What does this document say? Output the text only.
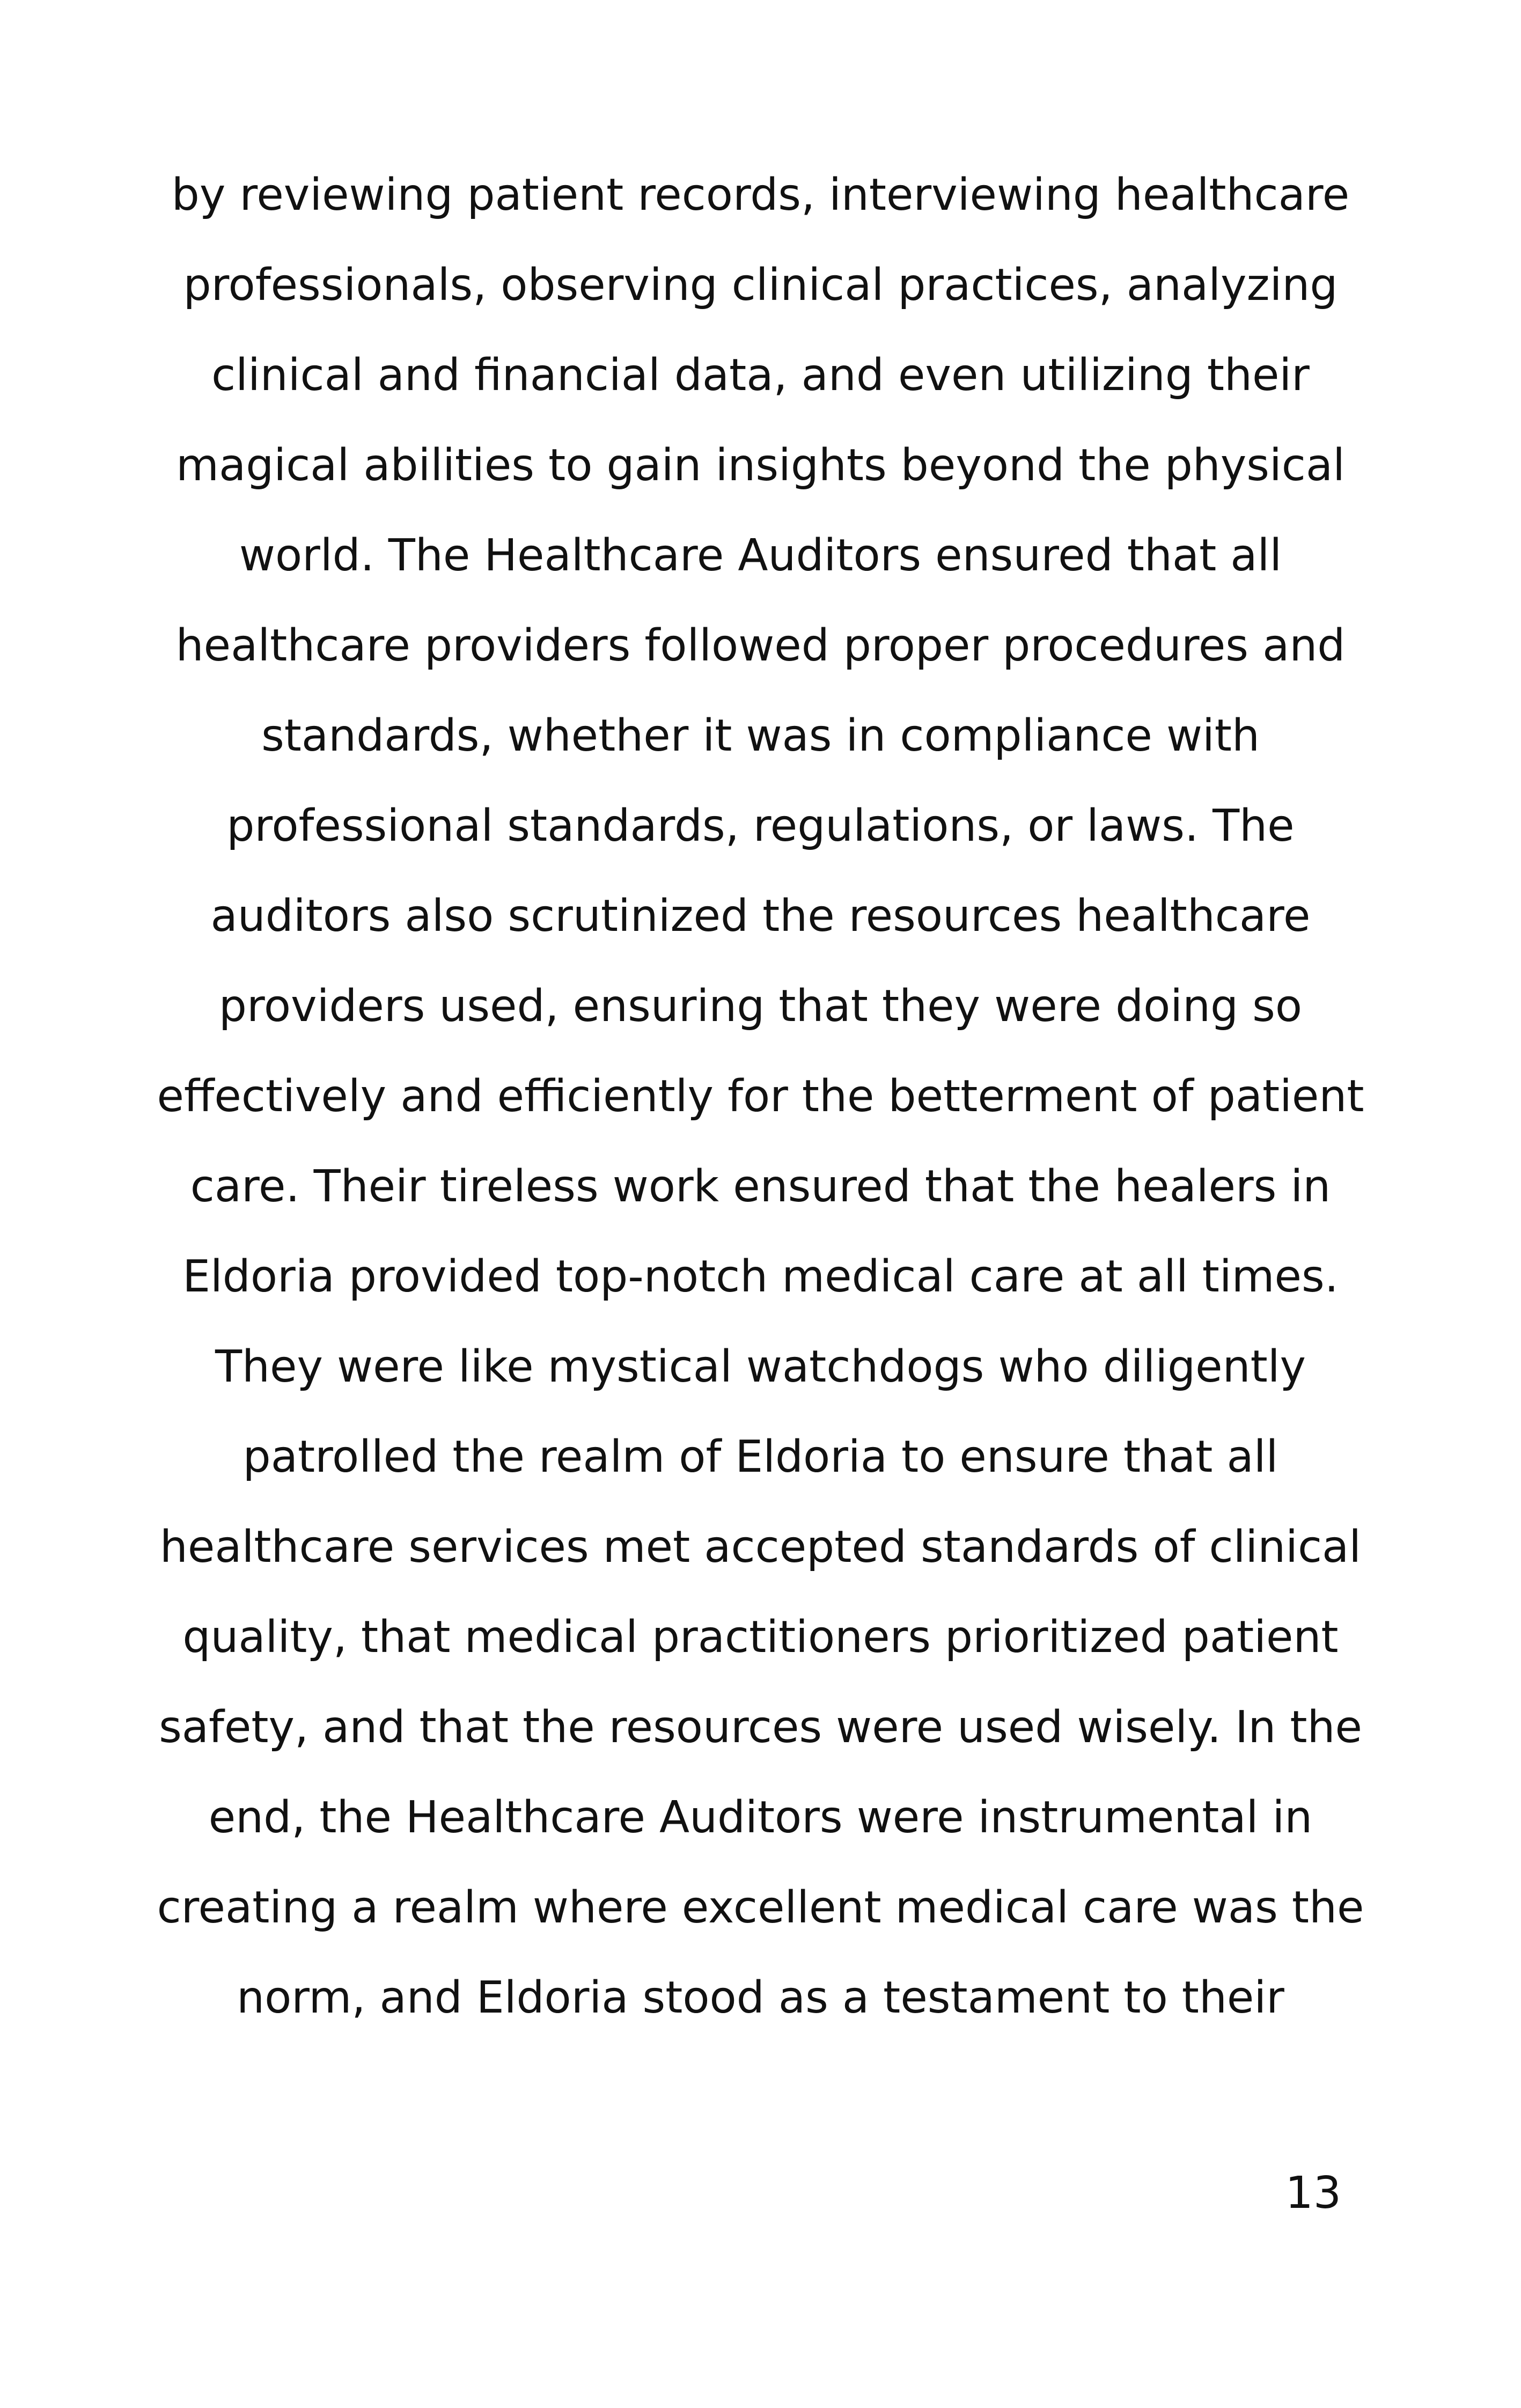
by reviewing patient records, interviewing healthcare
professionals, observing clinical practices, analyzing
clinical and financial data, and even utilizing their
magical abilities to gain insights beyond the physical
world. The Healthcare Auditors ensured that all
healthcare providers followed proper procedures and
standards, whether it was in compliance with
professional standards, regulations, or laws. The
auditors also scrutinized the resources healthcare
providers used, ensuring that they were doing so
effectively and efficiently for the betterment of patient
care. Their tireless work ensured that the healers in
Eldoria provided top-notch medical care at all times.
They were like mystical watchdogs who diligently
patrolled the realm of Eldoria to ensure that all
healthcare services met accepted standards of clinical
quality, that medical practitioners prioritized patient
safety, and that the resources were used wisely. In the
end, the Healthcare Auditors were instrumental in
creating a realm where excellent medical care was the
norm, and Eldoria stood as a testament to their
13
